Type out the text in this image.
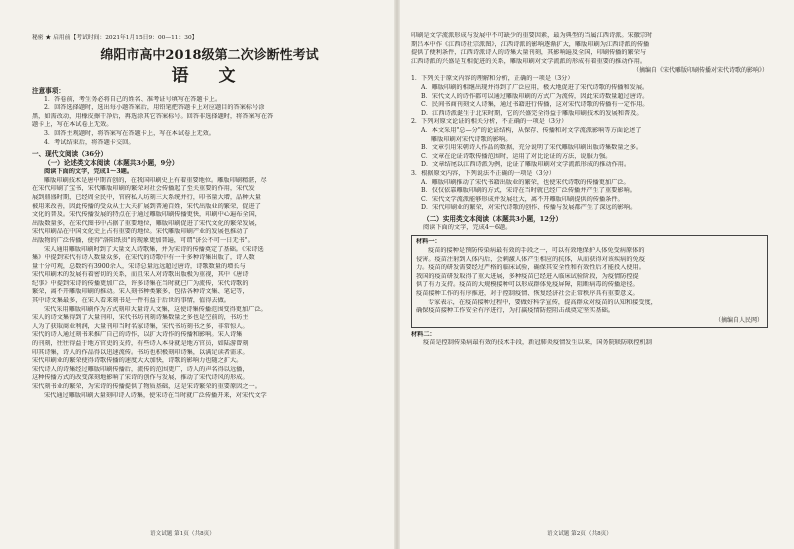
秘密 ★ 启用前【考试时间：2021年1月15日9：00—11：30】
绵阳市高中2018级第二次诊断性考试
语 文
注意事项：
1．答卷前，考生务必将自己的姓名、准考证号填写在答题卡上。
2．回答选择题时，选出每小题答案后，用铅笔把答题卡上对应题目的答案标号涂
黑，如需改动，用橡皮擦干净后，再选涂其它答案标号。回答非选择题时，将答案写在答
题卡上，写在本试卷上无效。
3．回答主观题时，将答案写在答题卡上，写在本试卷上无效。
4．考试结束后，将答题卡交回。
一、现代文阅读（36分）
（一）论述类文本阅读（本题共3小题，9分）
阅读下面的文字，完成1～3题。
雕版印刷技术是唐中期首创的，在我国印刷史上有着重要地位。雕版印刷精湛，尽
在宋代印刷了宝书，宋代雕版印刷的繁荣对社会传播起了至关重要的作用，宋代发
展到鼎盛时期，已经周全民中，官府私人坊刻三大系统并行，印书量大增，品种大量
被用来改善，因此传播的受众从士大夫扩展到普通百姓，宋代出版业的繁荣，促进了
文化的普及。宋代传播发展的特点在于通过雕版印刷传播更快，印刷中心遍布全国，
出版数量多，在宋代图书中占据了重要地位，雕版印刷促进了宋代文化的繁荣发展，
宋代印刷品在中国文化史上占有重要的地位。宋代雕版印刷产业的发展也推动了
出版物的广泛传播，使得"洛阳纸贵"的现象更加普遍，可谓"济公不可一日无书"。
宋人通用雕版印刷时到了大量文人诗歌集，并为宋诗的传播奠定了基础。《宋诗选
集》中提到宋代有诗人数量众多，在宋代的诗歌中有一千多种诗集出版了，诗人数
量十分可观，总数约有3900余人，宋诗总量远远超过唐诗，诗歌数量的增长与
宋代印刷术的发展有着密切的关系，而且宋人对诗歌出版极为重视，其中《唐诗
纪事》中提到宋诗的传播更加广泛，许多诗集在当时就已广为流传，宋代诗歌的
繁荣，离不开雕版印刷的推动。宋人刻书种类繁多，包括各种诗文集、笔记等，
其中诗文集最多，在宋人看来刻书是一件有益于后世的事情，值得去做。
宋代采用雕版印刷作为方式刻印大量诗人文集，这使诗集传播范围变得更加广泛。
宋人的诗文集得到了大量刊印，宋代书坊刊刻诗集数量之多也是空前的，书坊主
人为了获取商业利润，大量刊印当时名家诗集，宋代书坊刻书之多，非常惊人。
宋代的诗人通过刻书来推广自己的诗作，以扩大诗作的传播和影响。宋人诗集
的刊刻，往往得益于地方官吏的支持，有些诗人本身就是地方官员，如陆游曾刻
印其诗集，诗人的作品得以迅速流传。书坊也积极刻印诗集，以满足读者需求。
宋代印刷业的繁荣使得诗歌传播的速度大大加快，诗歌的影响力也随之扩大。
宋代诗人的诗集经过雕版印刷传播后，流传的范围更广，诗人的声名得以远播，
这种传播方式的改变深刻地影响了宋诗的创作与发展，推动了宋代诗风的形成。
宋代刻书业的繁荣，为宋诗的传播提供了物质基础，这是宋诗繁荣的重要原因之一。
宋代通过雕版印刷大量刻印诗人诗集，使宋诗在当时就广泛传播开来，对宋代文学
语文试题 第1页（共8页）
印刷是文学流派形成与发展中不可缺少的重要因素，最为典型的当属江西诗派。宋徽宗时
期吕本中作《江西诗社宗派图》，江西诗派的影响逐渐扩大，雕版印刷为江西诗派的传播
提供了便利条件，江西诗派诗人的诗集大量刊刻，其影响遍及全国，印刷传播的繁荣与
江西诗派的兴盛是互相促进的关系，雕版印刷对文学流派的形成有着重要的推动作用。
（摘编自《宋代雕版印刷传播对宋代诗歌的影响》）
1．下列关于原文内容的理解和分析，正确的一项是（3分）
A．雕版印刷的相继出现并得到了广泛应用，极大地促进了宋代诗歌的传播和发展。
B．宋代文人的诗作都可以通过雕版印刷的方式广为流传，因此宋诗数量超过唐诗。
C．民间书商刊刻文人诗集，通过书籍进行传播，这对宋代诗歌的传播有一定作用。
D．江西诗派诞生于北宋时期，它的兴盛完全得益于雕版印刷技术的发展和普及。
2．下列对原文论证的相关分析，不正确的一项是（3分）
A．本文采用"总—分"的论证结构，从保存、传播和对文学流派影响等方面论述了
雕版印刷对宋代诗歌的影响。
B．文章引用宋朝诗人作品的数据，充分说明了宋代雕版印刷出版诗集数量之多。
C．文章在论证诗歌传播范围时，运用了对比论证的方法，说服力强。
D．文章结尾以江西诗派为例，论证了雕版印刷对文学流派形成的推动作用。
3．根据原文内容，下列说法不正确的一项是（3分）
A．雕版印刷推动了宋代书籍出版业的繁荣，也使宋代诗歌的传播更加广泛。
B．仅仅依靠雕版印刷的方式，宋诗在当时就已经广泛传播并产生了重要影响。
C．宋代文学流派能够形成并发展壮大，离不开雕版印刷提供的传播条件。
D．宋代印刷业的繁荣，对宋代诗歌的创作、传播与发展都产生了深远的影响。
（二）实用类文本阅读（本题共3小题，12分）
阅读下面的文字，完成4～6题。
材料一：
疫苗的接种是预防传染病最有效的手段之一，可以有效地保护人体免受病原体的
侵害。疫苗注射到人体内后，会刺激人体产生相应的抗体，从而获得对该疾病的免疫
力。疫苗的研发需要经过严格的临床试验，确保其安全性和有效性后才能投入使用。
我国的疫苗研发取得了重大进展，多种疫苗已经进入临床试验阶段，为疫情防控提
供了有力支持。疫苗的大规模接种可以形成群体免疫屏障，阻断病毒的传播途径。
疫苗接种工作的有序推进，对于控制疫情、恢复经济社会正常秩序具有重要意义。
专家表示，在疫苗接种过程中，要做好科学宣传，提高群众对疫苗的认知和接受度，
确保疫苗接种工作安全有序进行，为打赢疫情防控阻击战奠定坚实基础。
（摘编自人民网）
材料二：
疫苗是控制传染病最有效的技术手段，新冠肺炎疫情发生以来，国务院联防联控机制
语文试题 第2页（共8页）
